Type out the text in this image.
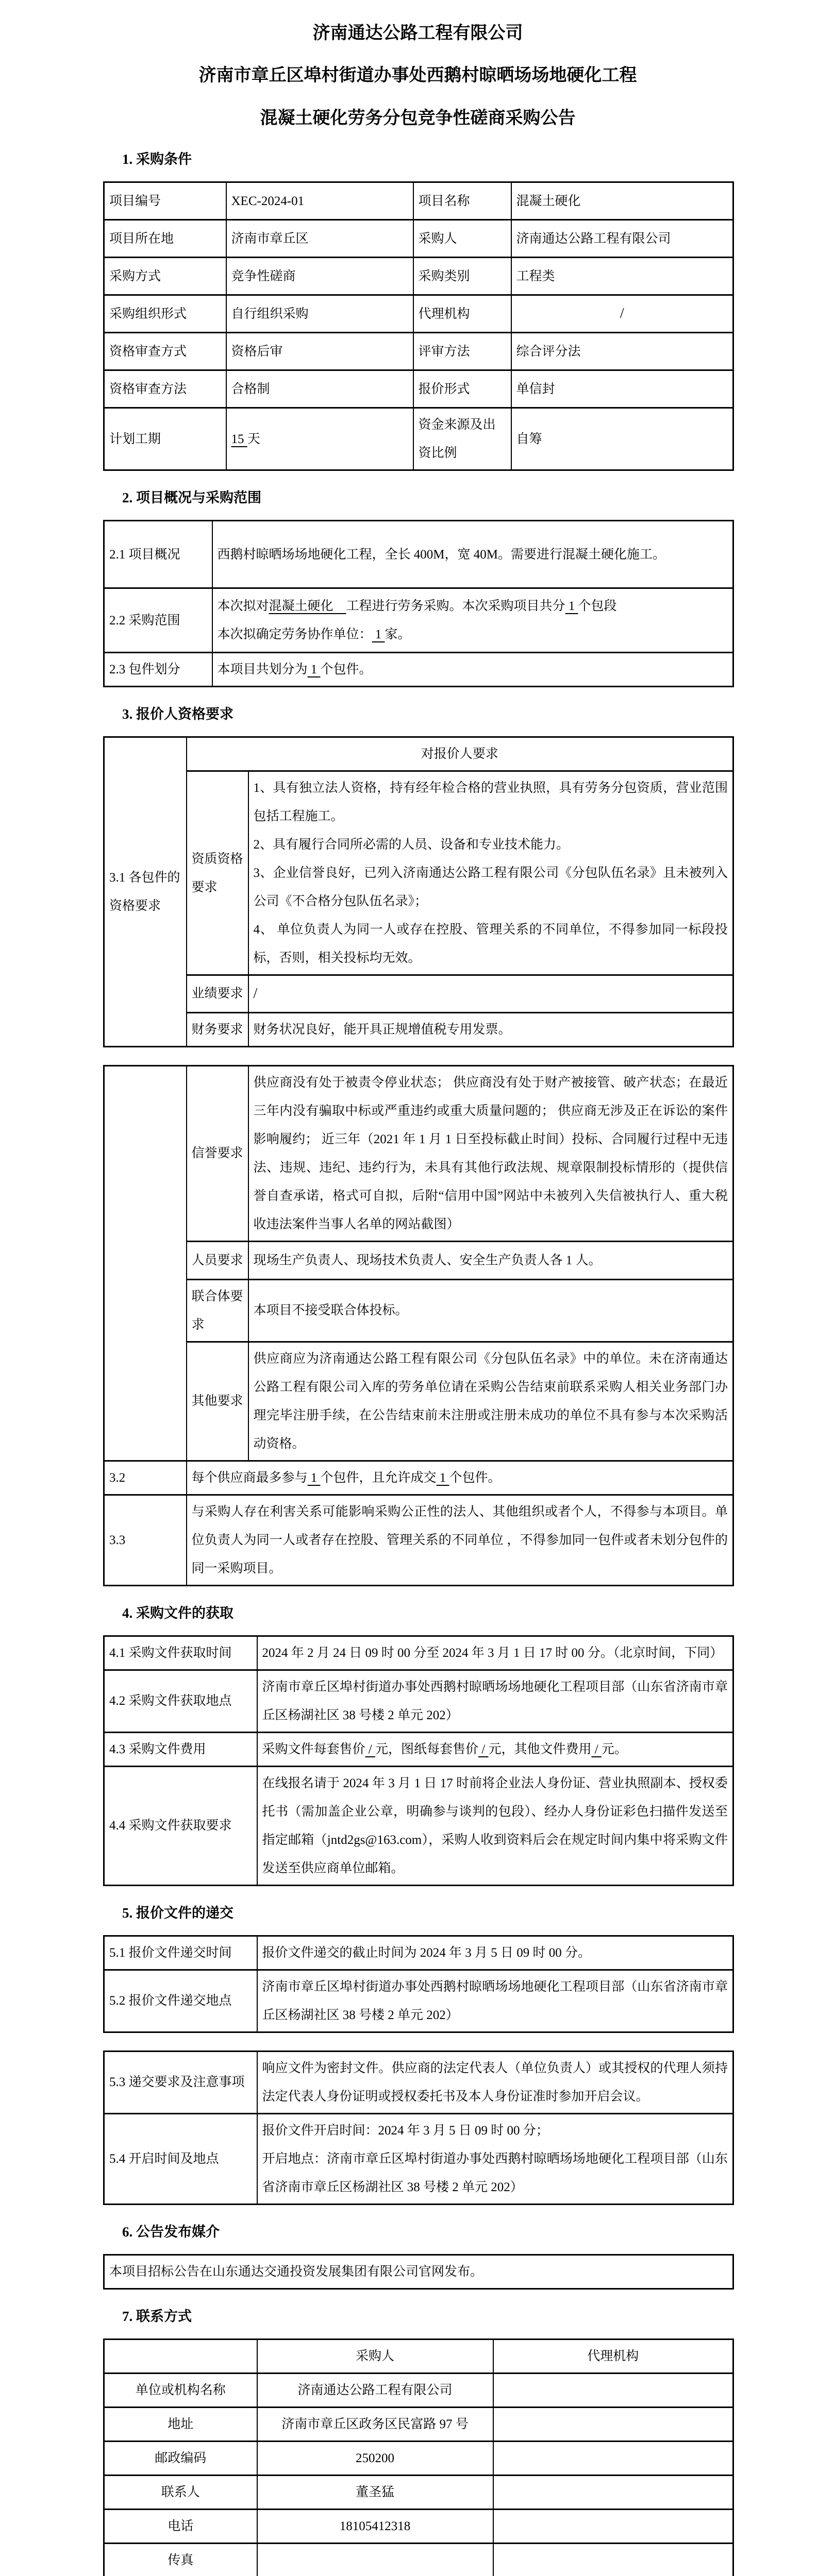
济南通达公路工程有限公司
济南市章丘区埠村街道办事处西鹅村晾晒场场地硬化工程
混凝土硬化劳务分包竞争性磋商采购公告
1. 采购条件
项目编号	XEC-2024-01	项目名称	混凝土硬化
项目所在地	济南市章丘区	采购人	济南通达公路工程有限公司
采购方式	竞争性磋商	采购类别	工程类
采购组织形式	自行组织采购	代理机构	/
资格审查方式	资格后审	评审方法	综合评分法
资格审查方法	合格制	报价形式	单信封
计划工期	15 天	资金来源及出资比例	自筹
2. 项目概况与采购范围
2.1 项目概况	西鹅村晾晒场场地硬化工程，全长 400M，宽 40M。需要进行混凝土硬化施工。
2.2 采购范围	本次拟对混凝土硬化　工程进行劳务采购。本次采购项目共分 1 个包段
本次拟确定劳务协作单位： 1 家。

2.3 包件划分	本项目共划分为 1 个包件。
3. 报价人资格要求
3.1 各包件的资格要求	对报价人要求	
	资质资格要求	1、具有独立法人资格，持有经年检合格的营业执照，具有劳务分包资质，营业范围包括工程施工。
2、具有履行合同所必需的人员、设备和专业技术能力。
3、企业信誉良好，已列入济南通达公路工程有限公司《分包队伍名录》且未被列入公司《不合格分包队伍名录》；
4、 单位负责人为同一人或存在控股、管理关系的不同单位，不得参加同一标段投标，否则，相关投标均无效。

	业绩要求	/
	财务要求	财务状况良好，能开具正规增值税专用发票。
	信誉要求	供应商没有处于被责令停业状态； 供应商没有处于财产被接管、破产状态；在最近三年内没有骗取中标或严重违约或重大质量问题的； 供应商无涉及正在诉讼的案件影响履约； 近三年（2021 年 1 月 1 日至投标截止时间）投标、合同履行过程中无违法、违规、违纪、违约行为，未具有其他行政法规、规章限制投标情形的（提供信誉自查承诺，格式可自拟，后附“信用中国”网站中未被列入失信被执行人、重大税收违法案件当事人名单的网站截图）
	人员要求	现场生产负责人、现场技术负责人、安全生产负责人各 1 人。
	联合体要求	本项目不接受联合体投标。
	其他要求	供应商应为济南通达公路工程有限公司《分包队伍名录》中的单位。未在济南通达公路工程有限公司入库的劳务单位请在采购公告结束前联系采购人相关业务部门办理完毕注册手续，在公告结束前未注册或注册未成功的单位不具有参与本次采购活动资格。
3.2	每个供应商最多参与 1 个包件，且允许成交 1 个包件。	
3.3	与采购人存在利害关系可能影响采购公正性的法人、其他组织或者个人，不得参与本项目。单位负责人为同一人或者存在控股、管理关系的不同单位 ，不得参加同一包件或者未划分包件的同一采购项目。	
4. 采购文件的获取
4.1 采购文件获取时间	2024 年 2 月 24 日 09 时 00 分至 2024 年 3 月 1 日 17 时 00 分。（北京时间，下同）
4.2 采购文件获取地点	济南市章丘区埠村街道办事处西鹅村晾晒场场地硬化工程项目部（山东省济南市章丘区杨湖社区 38 号楼 2 单元 202）
4.3 采购文件费用	采购文件每套售价 / 元，图纸每套售价 / 元，其他文件费用 / 元。
4.4 采购文件获取要求	在线报名请于 2024 年 3 月 1 日 17 时前将企业法人身份证、营业执照副本、授权委托书（需加盖企业公章，明确参与谈判的包段）、经办人身份证彩色扫描件发送至指定邮箱（jntd2gs@163.com），采购人收到资料后会在规定时间内集中将采购文件发送至供应商单位邮箱。
5. 报价文件的递交
5.1 报价文件递交时间	报价文件递交的截止时间为 2024 年 3 月 5 日 09 时 00 分。
5.2 报价文件递交地点	济南市章丘区埠村街道办事处西鹅村晾晒场场地硬化工程项目部（山东省济南市章丘区杨湖社区 38 号楼 2 单元 202）
5.3 递交要求及注意事项	响应文件为密封文件。供应商的法定代表人（单位负责人）或其授权的代理人须持法定代表人身份证明或授权委托书及本人身份证准时参加开启会议。
5.4 开启时间及地点	报价文件开启时间：2024 年 3 月 5 日 09 时 00 分；
开启地点：济南市章丘区埠村街道办事处西鹅村晾晒场场地硬化工程项目部（山东省济南市章丘区杨湖社区 38 号楼 2 单元 202）
6. 公告发布媒介
本项目招标公告在山东通达交通投资发展集团有限公司官网发布。
7. 联系方式
	采购人	代理机构
单位或机构名称	济南通达公路工程有限公司	
地址	济南市章丘区政务区民富路 97 号	
邮政编码	250200	
联系人	董圣猛	
电话	18105412318	
传真		
